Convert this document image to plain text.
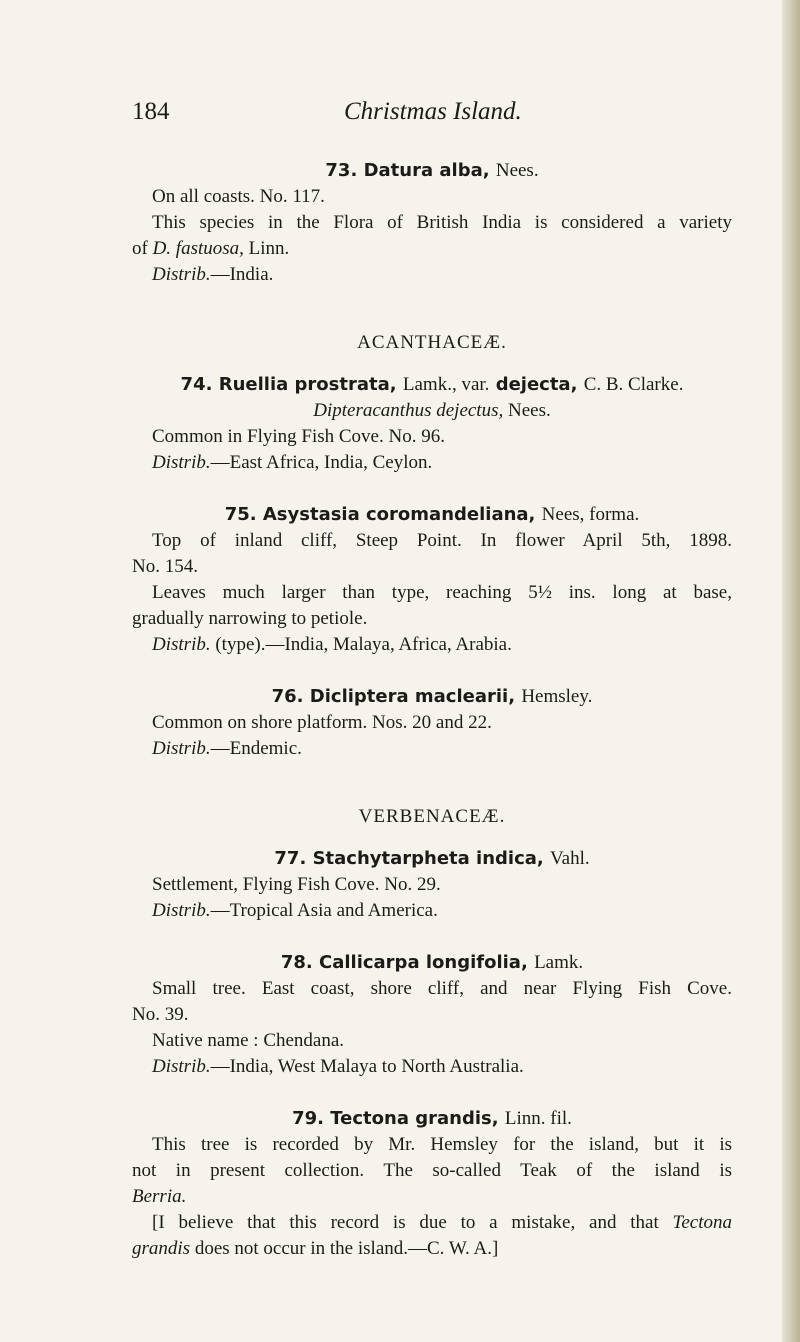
184	Christmas Island.

73. Datura alba, Nees.

On all coasts. No. 117.

This species in the Flora of British India is considered a variety

of D. fastuosa, Linn.

Distrib.—India.

ACANTHACEÆ.

74. Ruellia prostrata, Lamk., var. dejecta, C. B. Clarke.

Dipteracanthus dejectus, Nees.

Common in Flying Fish Cove. No. 96.

Distrib.—East Africa, India, Ceylon.

75. Asystasia coromandeliana, Nees, forma.

Top of inland cliff, Steep Point. In flower April 5th, 1898.

No. 154.

Leaves much larger than type, reaching 5½ ins. long at base,

gradually narrowing to petiole.

Distrib. (type).—India, Malaya, Africa, Arabia.

76. Dicliptera maclearii, Hemsley.

Common on shore platform. Nos. 20 and 22.

Distrib.—Endemic.

VERBENACEÆ.

77. Stachytarpheta indica, Vahl.

Settlement, Flying Fish Cove. No. 29.

Distrib.—Tropical Asia and America.

78. Callicarpa longifolia, Lamk.

Small tree. East coast, shore cliff, and near Flying Fish Cove.

No. 39.

Native name : Chendana.

Distrib.—India, West Malaya to North Australia.

79. Tectona grandis, Linn. fil.

This tree is recorded by Mr. Hemsley for the island, but it is

not in present collection. The so-called Teak of the island is

Berria.

[I believe that this record is due to a mistake, and that Tectona

grandis does not occur in the island.—C. W. A.]
